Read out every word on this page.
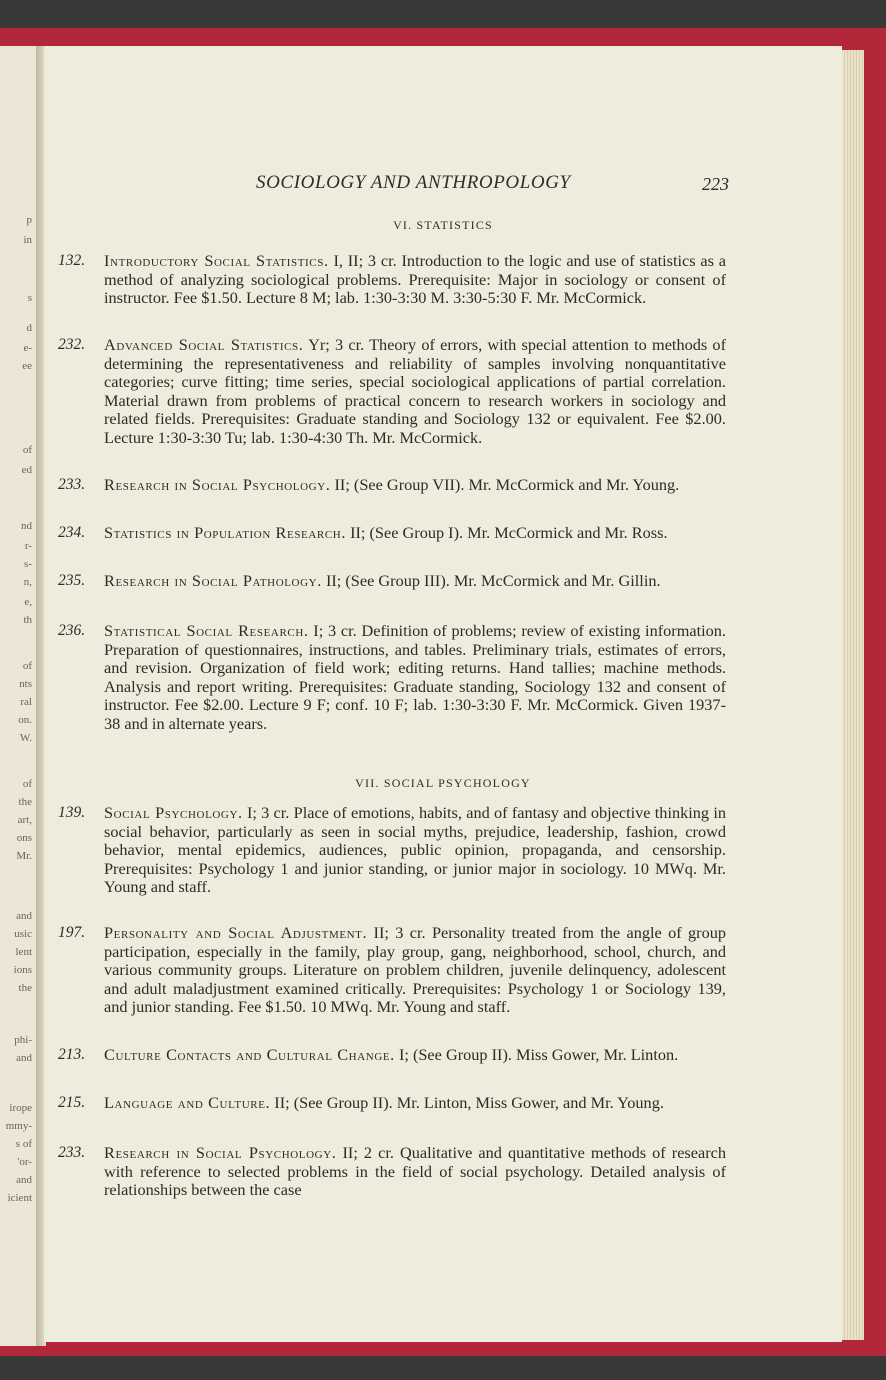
p
in
s
d
e-
ee
of
ed
nd
r-
s-
n,
e,
th
of
nts
ral
on.
W.
of
the
art,
ons
Mr.
and
usic
lent
ions
the
phi-
and
irope
mmy-
s of
'or-
and
icient
SOCIOLOGY AND ANTHROPOLOGY	223
VI. STATISTICS
132. Introductory Social Statistics. I, II; 3 cr. Introduction to the logic and use of statistics as a method of analyzing sociological problems. Prerequisite: Major in sociology or consent of instructor. Fee $1.50. Lecture 8 M; lab. 1:30-3:30 M. 3:30-5:30 F. Mr. McCormick.
232. Advanced Social Statistics. Yr; 3 cr. Theory of errors, with special attention to methods of determining the representativeness and reliability of samples involving nonquantitative categories; curve fitting; time series, special sociological applications of partial correlation. Material drawn from problems of practical concern to research workers in sociology and related fields. Prerequisites: Graduate standing and Sociology 132 or equivalent. Fee $2.00. Lecture 1:30-3:30 Tu; lab. 1:30-4:30 Th. Mr. McCormick.
233. Research in Social Psychology. II; (See Group VII). Mr. McCormick and Mr. Young.
234. Statistics in Population Research. II; (See Group I). Mr. McCormick and Mr. Ross.
235. Research in Social Pathology. II; (See Group III). Mr. McCormick and Mr. Gillin.
236. Statistical Social Research. I; 3 cr. Definition of problems; review of existing information. Preparation of questionnaires, instructions, and tables. Preliminary trials, estimates of errors, and revision. Organization of field work; editing returns. Hand tallies; machine methods. Analysis and report writing. Prerequisites: Graduate standing, Sociology 132 and consent of instructor. Fee $2.00. Lecture 9 F; conf. 10 F; lab. 1:30-3:30 F. Mr. McCormick. Given 1937-38 and in alternate years.
VII. SOCIAL PSYCHOLOGY
139. Social Psychology. I; 3 cr. Place of emotions, habits, and of fantasy and objective thinking in social behavior, particularly as seen in social myths, prejudice, leadership, fashion, crowd behavior, mental epidemics, audiences, public opinion, propaganda, and censorship. Prerequisites: Psychology 1 and junior standing, or junior major in sociology. 10 MWq. Mr. Young and staff.
197. Personality and Social Adjustment. II; 3 cr. Personality treated from the angle of group participation, especially in the family, play group, gang, neighborhood, school, church, and various community groups. Literature on problem children, juvenile delinquency, adolescent and adult maladjustment examined critically. Prerequisites: Psychology 1 or Sociology 139, and junior standing. Fee $1.50. 10 MWq. Mr. Young and staff.
213. Culture Contacts and Cultural Change. I; (See Group II). Miss Gower, Mr. Linton.
215. Language and Culture. II; (See Group II). Mr. Linton, Miss Gower, and Mr. Young.
233. Research in Social Psychology. II; 2 cr. Qualitative and quantitative methods of research with reference to selected problems in the field of social psychology. Detailed analysis of relationships between the case
